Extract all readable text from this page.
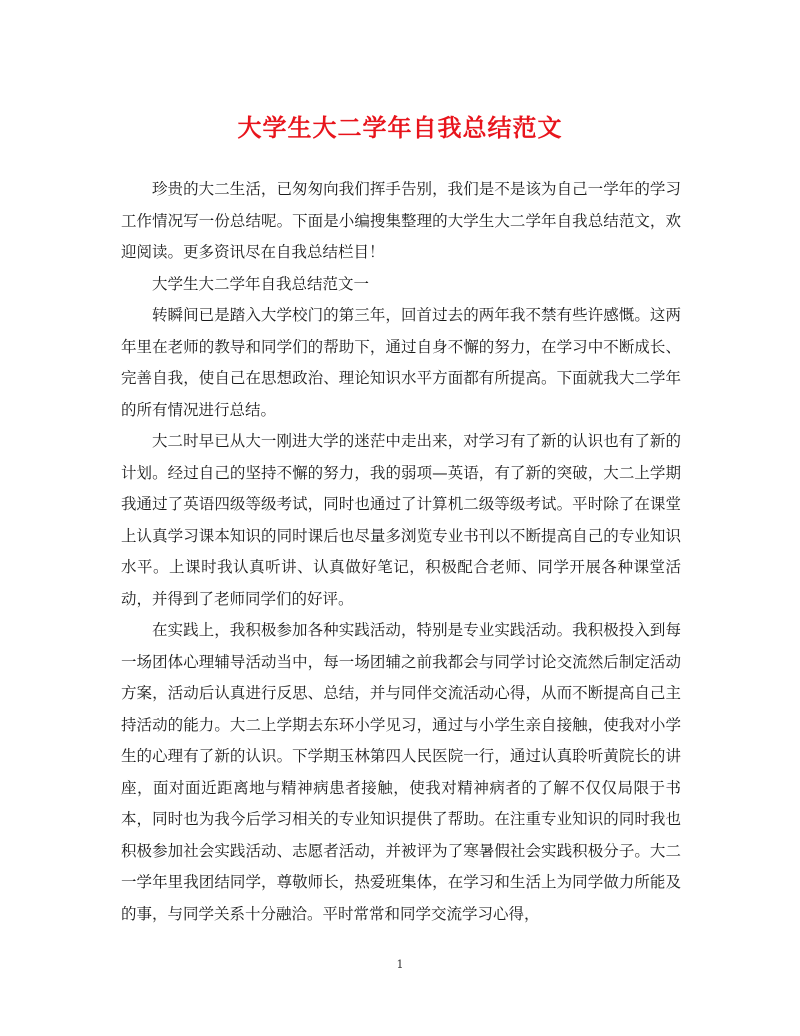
大学生大二学年自我总结范文

珍贵的大二生活，已匆匆向我们挥手告别，我们是不是该为自己一学年的学习工作情况写一份总结呢。下面是小编搜集整理的大学生大二学年自我总结范文，欢迎阅读。更多资讯尽在自我总结栏目！

大学生大二学年自我总结范文一

转瞬间已是踏入大学校门的第三年，回首过去的两年我不禁有些许感慨。这两年里在老师的教导和同学们的帮助下，通过自身不懈的努力，在学习中不断成长、完善自我，使自己在思想政治、理论知识水平方面都有所提高。下面就我大二学年的所有情况进行总结。

大二时早已从大一刚进大学的迷茫中走出来，对学习有了新的认识也有了新的计划。经过自己的坚持不懈的努力，我的弱项—英语，有了新的突破，大二上学期我通过了英语四级等级考试，同时也通过了计算机二级等级考试。平时除了在课堂上认真学习课本知识的同时课后也尽量多浏览专业书刊以不断提高自己的专业知识水平。上课时我认真听讲、认真做好笔记，积极配合老师、同学开展各种课堂活动，并得到了老师同学们的好评。

在实践上，我积极参加各种实践活动，特别是专业实践活动。我积极投入到每一场团体心理辅导活动当中，每一场团辅之前我都会与同学讨论交流然后制定活动方案，活动后认真进行反思、总结，并与同伴交流活动心得，从而不断提高自己主持活动的能力。大二上学期去东环小学见习，通过与小学生亲自接触，使我对小学生的心理有了新的认识。下学期玉林第四人民医院一行，通过认真聆听黄院长的讲座，面对面近距离地与精神病患者接触，使我对精神病者的了解不仅仅局限于书本，同时也为我今后学习相关的专业知识提供了帮助。在注重专业知识的同时我也积极参加社会实践活动、志愿者活动，并被评为了寒暑假社会实践积极分子。大二一学年里我团结同学，尊敬师长，热爱班集体，在学习和生活上为同学做力所能及的事，与同学关系十分融洽。平时常常和同学交流学习心得，

1
